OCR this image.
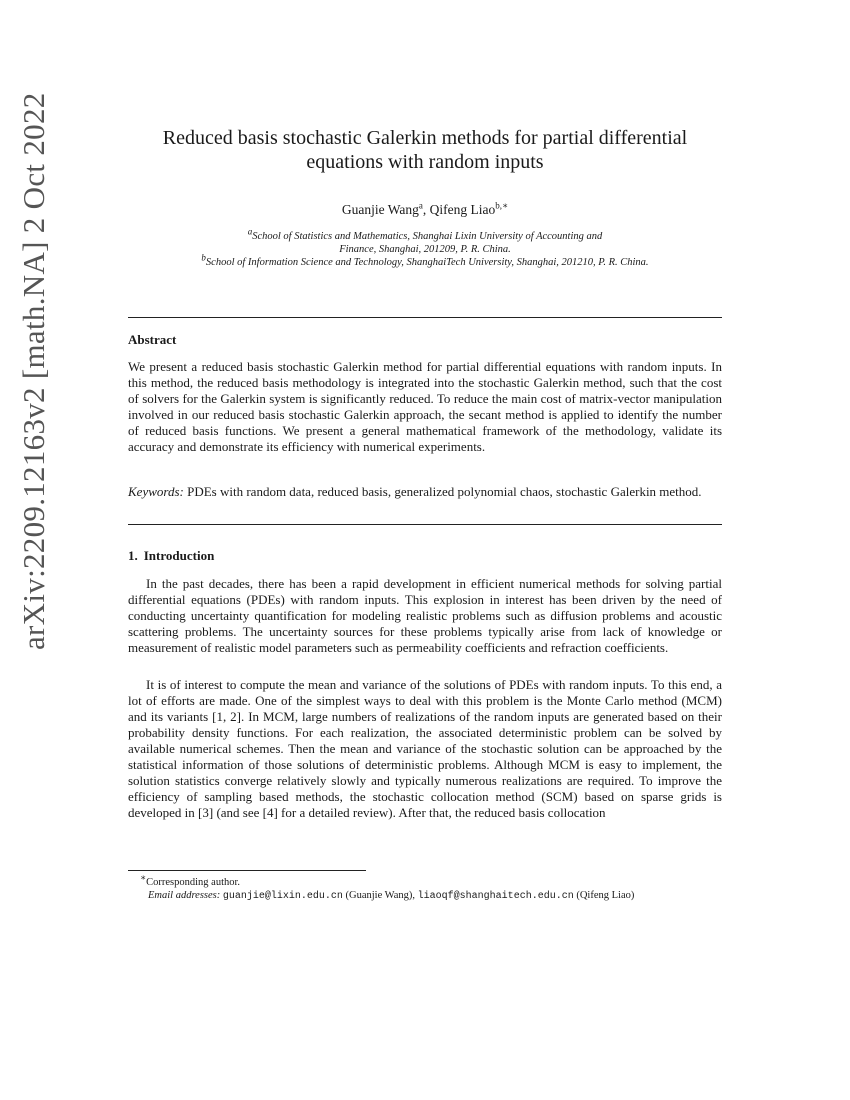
arXiv:2209.12163v2 [math.NA] 2 Oct 2022	Reduced basis stochastic Galerkin methods for partial differential
equations with random inputs
Guanjie Wang$^a$, Qifeng Liao$^{b,∗}$
$^a$School of Statistics and Mathematics, Shanghai Lixin University of Accounting and
Finance, Shanghai, 201209, P. R. China.
$^b$School of Information Science and Technology, ShanghaiTech University, Shanghai, 201210, P. R. China.
Abstract
We present a reduced basis stochastic Galerkin method for partial differential equations with random inputs. In this method, the reduced basis methodology is integrated into the stochastic Galerkin method, such that the cost of solvers for the Galerkin system is significantly reduced. To reduce the main cost of matrix-vector manipulation involved in our reduced basis stochastic Galerkin approach, the secant method is applied to identify the number of reduced basis functions. We present a general mathematical framework of the methodology, validate its accuracy and demonstrate its efficiency with numerical experiments.
Keywords: PDEs with random data, reduced basis, generalized polynomial chaos, stochastic Galerkin method.
1. Introduction
In the past decades, there has been a rapid development in efficient numerical methods for solving partial differential equations (PDEs) with random inputs. This explosion in interest has been driven by the need of conducting uncertainty quantification for modeling realistic problems such as diffusion problems and acoustic scattering problems. The uncertainty sources for these problems typically arise from lack of knowledge or measurement of realistic model parameters such as permeability coefficients and refraction coefficients.
It is of interest to compute the mean and variance of the solutions of PDEs with random inputs. To this end, a lot of efforts are made. One of the simplest ways to deal with this problem is the Monte Carlo method (MCM) and its variants [1, 2]. In MCM, large numbers of realizations of the random inputs are generated based on their probability density functions. For each realization, the associated deterministic problem can be solved by available numerical schemes. Then the mean and variance of the stochastic solution can be approached by the statistical information of those solutions of deterministic problems. Although MCM is easy to implement, the solution statistics converge relatively slowly and typically numerous realizations are required. To improve the efficiency of sampling based methods, the stochastic collocation method (SCM) based on sparse grids is developed in [3] (and see [4] for a detailed review). After that, the reduced basis collocation
∗Corresponding author.
Email addresses: guanjie@lixin.edu.cn (Guanjie Wang), liaoqf@shanghaitech.edu.cn (Qifeng Liao)
